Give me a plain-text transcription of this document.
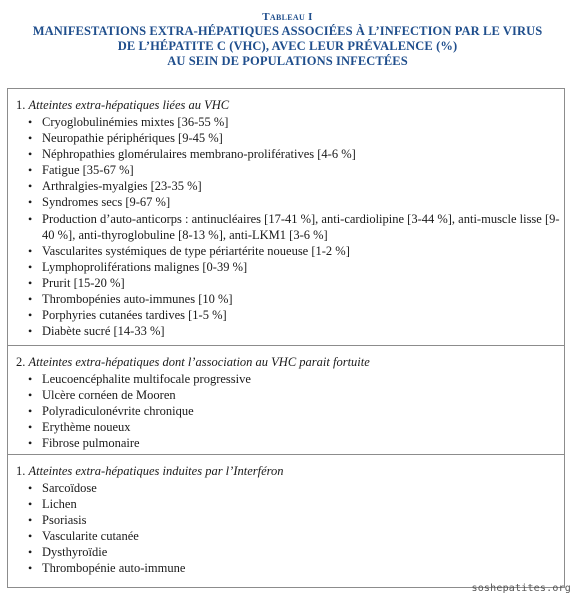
Tableau I
MANIFESTATIONS EXTRA-HÉPATIQUES ASSOCIÉES À L’INFECTION PAR LE VIRUS
DE L’HÉPATITE C (VHC), AVEC LEUR PRÉVALENCE (%)
AU SEIN DE POPULATIONS INFECTÉES
1. Atteintes extra-hépatiques liées au VHC
• Cryoglobulinémies mixtes [36-55 %]
• Neuropathie périphériques [9-45 %]
• Néphropathies glomérulaires membrano-prolifératives [4-6 %]
• Fatigue [35-67 %]
• Arthralgies-myalgies [23-35 %]
• Syndromes secs [9-67 %]
• Production d’auto-anticorps : antinucléaires [17-41 %], anti-cardiolipine [3-44 %], anti-muscle lisse [9-40 %], anti-thyroglobuline [8-13 %], anti-LKM1 [3-6 %]
• Vascularites systémiques de type périartérite noueuse [1-2 %]
• Lymphoproliférations malignes [0-39 %]
• Prurit [15-20 %]
• Thrombopénies auto-immunes [10 %]
• Porphyries cutanées tardives [1-5 %]
• Diabète sucré [14-33 %]
2. Atteintes extra-hépatiques dont l’association au VHC parait fortuite
• Leucoencéphalite multifocale progressive
• Ulcère cornéen de Mooren
• Polyradiculonévrite chronique
• Erythème noueux
• Fibrose pulmonaire
1. Atteintes extra-hépatiques induites par l’Interféron
• Sarcoïdose
• Lichen
• Psoriasis
• Vascularite cutanée
• Dysthyroïdie
• Thrombopénie auto-immune
soshepatites.org
